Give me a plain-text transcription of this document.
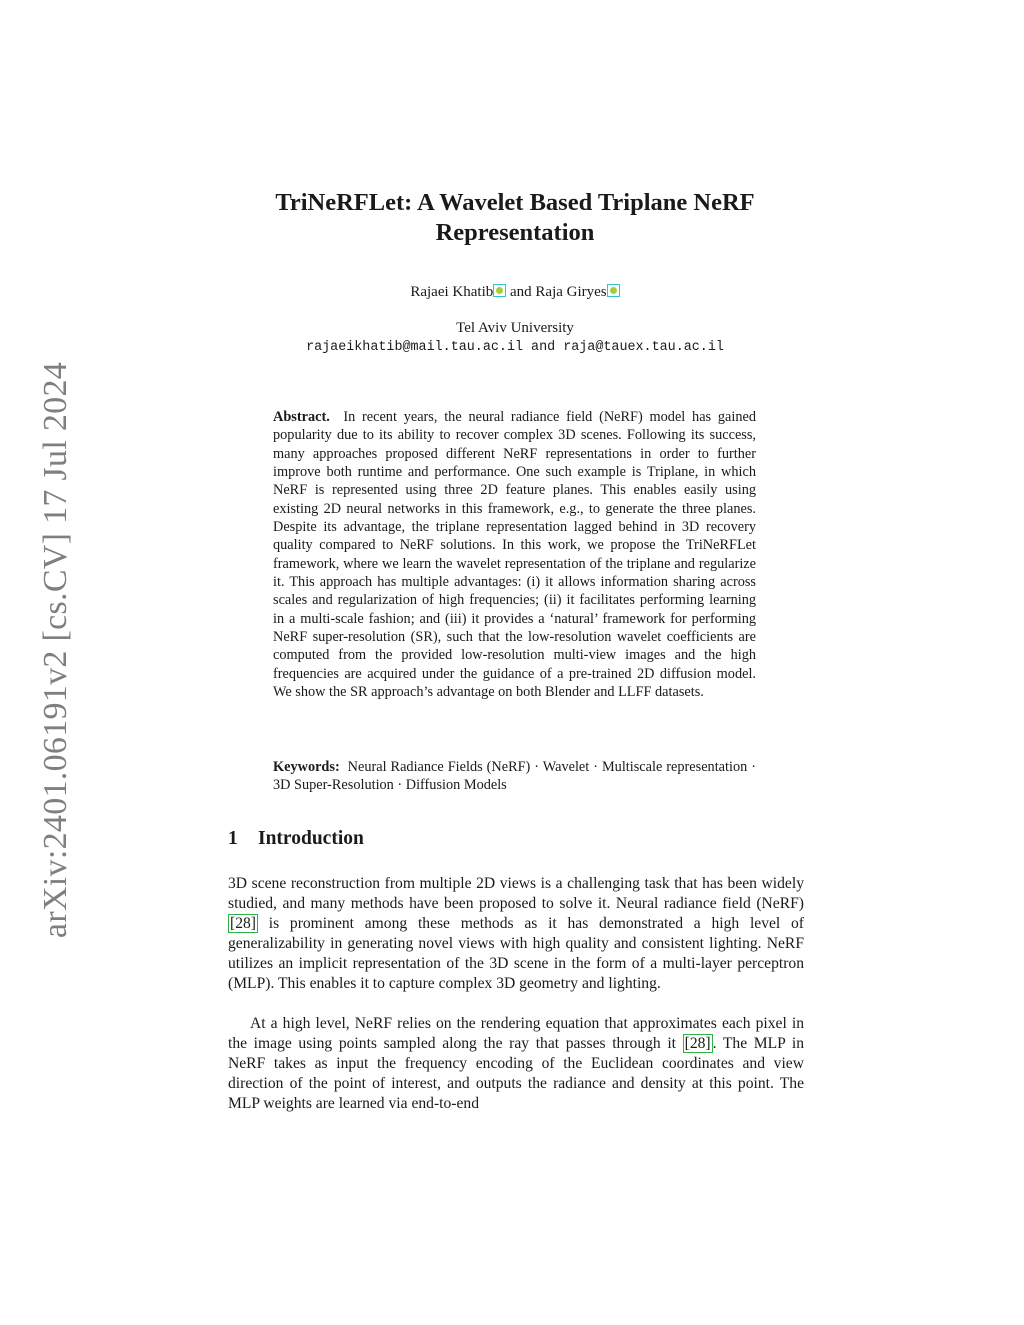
arXiv:2401.06191v2 [cs.CV] 17 Jul 2024
TriNeRFLet: A Wavelet Based Triplane NeRF Representation
Rajaei Khatib and Raja Giryes
Tel Aviv University
rajaeikhatib@mail.tau.ac.il and raja@tauex.tau.ac.il

Abstract. In recent years, the neural radiance field (NeRF) model has gained popularity due to its ability to recover complex 3D scenes. Following its success, many approaches proposed different NeRF representations in order to further improve both runtime and performance. One such example is Triplane, in which NeRF is represented using three 2D feature planes. This enables easily using existing 2D neural networks in this framework, e.g., to generate the three planes. Despite its advantage, the triplane representation lagged behind in 3D recovery quality compared to NeRF solutions. In this work, we propose the TriNeRFLet framework, where we learn the wavelet representation of the triplane and regularize it. This approach has multiple advantages: (i) it allows information sharing across scales and regularization of high frequencies; (ii) it facilitates performing learning in a multi-scale fashion; and (iii) it provides a ‘natural’ framework for performing NeRF super-resolution (SR), such that the low-resolution wavelet coefficients are computed from the provided low-resolution multi-view images and the high frequencies are acquired under the guidance of a pre-trained 2D diffusion model. We show the SR approach’s advantage on both Blender and LLFF datasets.

Keywords: Neural Radiance Fields (NeRF) · Wavelet · Multiscale representation · 3D Super-Resolution · Diffusion Models

1 Introduction

3D scene reconstruction from multiple 2D views is a challenging task that has been widely studied, and many methods have been proposed to solve it. Neural radiance field (NeRF) [28] is prominent among these methods as it has demonstrated a high level of generalizability in generating novel views with high quality and consistent lighting. NeRF utilizes an implicit representation of the 3D scene in the form of a multi-layer perceptron (MLP). This enables it to capture complex 3D geometry and lighting.

At a high level, NeRF relies on the rendering equation that approximates each pixel in the image using points sampled along the ray that passes through it [28] . The MLP in NeRF takes as input the frequency encoding of the Euclidean coordinates and view direction of the point of interest, and outputs the radiance and density at this point. The MLP weights are learned via end-to-end
